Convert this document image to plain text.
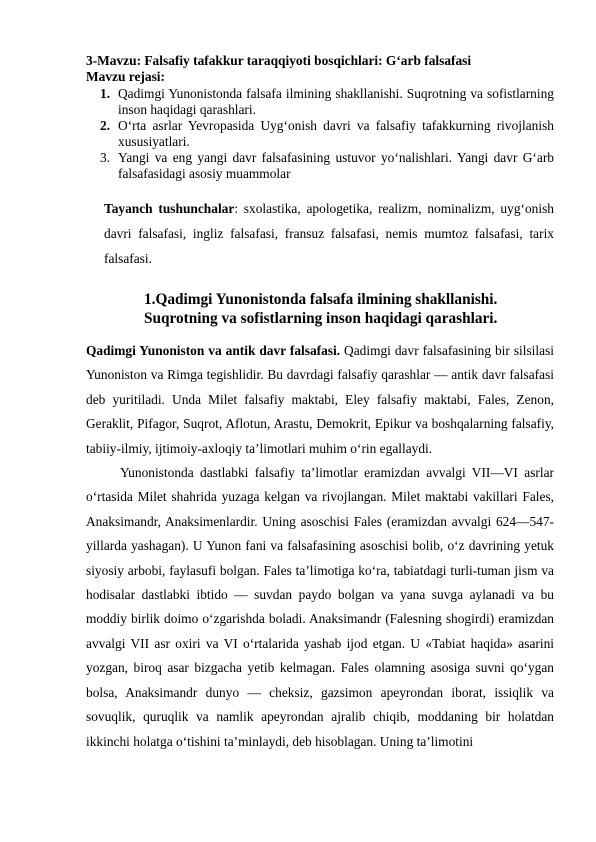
3-Mavzu: Falsafiy tafakkur taraqqiyoti bosqichlari: G‘arb falsafasi
Mavzu rejasi:
1. Qadimgi Yunonistonda falsafa ilmining shakllanishi. Suqrotning va sofistlarning inson haqidagi qarashlari.
2. O‘rta asrlar Yevropasida Uyg‘onish davri va falsafiy tafakkurning rivojlanish xususiyatlari.
3. Yangi va eng yangi davr falsafasining ustuvor yo‘nalishlari. Yangi davr G‘arb falsafasidagi asosiy muammolar
Tayanch tushunchalar: sxolastika, apologetika, realizm, nominalizm, uyg‘onish davri falsafasi, ingliz falsafasi, fransuz falsafasi, nemis mumtoz falsafasi, tarix falsafasi.
1.Qadimgi Yunonistonda falsafa ilmining shakllanishi.
Suqrotning va sofistlarning inson haqidagi qarashlari.

Qadimgi Yunoniston va antik davr falsafasi. Qadimgi davr falsafasining bir silsilasi Yunoniston va Rimga tegishlidir. Bu davrdagi falsafiy qarashlar — antik davr falsafasi deb yuritiladi. Unda Milet falsafiy maktabi, Eley falsafiy maktabi, Fales, Zenon, Geraklit, Pifagor, Suqrot, Aflotun, Arastu, Demokrit, Epikur va boshqalarning falsafiy, tabiiy-ilmiy, ijtimoiy-axloqiy ta’limotlari muhim o‘rin egallaydi.

Yunonistonda dastlabki falsafiy ta’limotlar eramizdan avvalgi VII—VI asrlar o‘rtasida Milet shahrida yuzaga kelgan va rivojlangan. Milet maktabi vakillari Fales, Anaksimandr, Anaksimenlardir. Uning asoschisi Fales (eramizdan avvalgi 624—547-yillarda yashagan). U Yunon fani va falsafasining asoschisi bolib, o‘z davrining yetuk siyosiy arbobi, faylasufi bolgan. Fales ta’limotiga ko‘ra, tabiatdagi turli-tuman jism va hodisalar dastlabki ibtido — suvdan paydo bolgan va yana suvga aylanadi va bu moddiy birlik doimo o‘zgarishda boladi. Anaksimandr (Falesning shogirdi) eramizdan avvalgi VII asr oxiri va VI o‘rtalarida yashab ijod etgan. U «Tabiat haqida» asarini yozgan, biroq asar bizgacha yetib kelmagan. Fales olamning asosiga suvni qo‘ygan bolsa, Anaksimandr dunyo — cheksiz, gazsimon apeyrondan iborat, issiqlik va sovuqlik, quruqlik va namlik apeyrondan ajralib chiqib, moddaning bir holatdan ikkinchi holatga o‘tishini ta’minlaydi, deb hisoblagan. Uning ta’limotini
